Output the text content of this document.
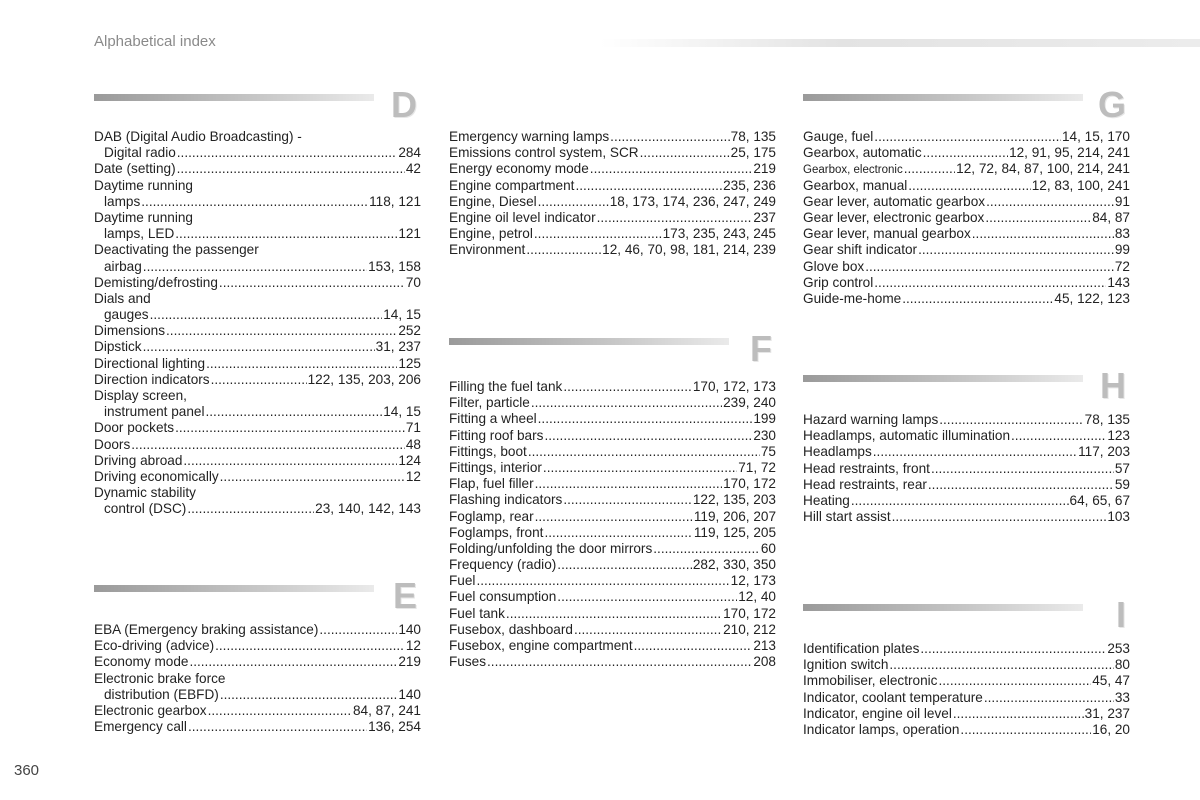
Alphabetical index
D
DAB (Digital Audio Broadcasting) -
Digital radio .....	284
Date (setting) .....	42
Daytime running
lamps .....	118, 121
Daytime running
lamps, LED .....	121
Deactivating the passenger
airbag .....	153, 158
Demisting/defrosting .....	70
Dials and
gauges .....	14, 15
Dimensions .....	252
Dipstick .....	31, 237
Directional lighting .....	125
Direction indicators .....	122, 135, 203, 206
Display screen,
instrument panel .....	14, 15
Door pockets .....	71
Doors .....	48
Driving abroad .....	124
Driving economically .....	12
Dynamic stability
control (DSC) .....	23, 140, 142, 143
E
EBA (Emergency braking assistance) .....	140
Eco-driving (advice) .....	12
Economy mode .....	219
Electronic brake force
distribution (EBFD) .....	140
Electronic gearbox .....	84, 87, 241
Emergency call .....	136, 254
Emergency warning lamps .....	78, 135
Emissions control system, SCR .....	25, 175
Energy economy mode .....	219
Engine compartment .....	235, 236
Engine, Diesel .....	18, 173, 174, 236, 247, 249
Engine oil level indicator .....	237
Engine, petrol .....	173, 235, 243, 245
Environment .....	12, 46, 70, 98, 181, 214, 239
F
Filling the fuel tank .....	170, 172, 173
Filter, particle .....	239, 240
Fitting a wheel .....	199
Fitting roof bars .....	230
Fittings, boot .....	75
Fittings, interior .....	71, 72
Flap, fuel filler .....	170, 172
Flashing indicators .....	122, 135, 203
Foglamp, rear .....	119, 206, 207
Foglamps, front .....	119, 125, 205
Folding/unfolding the door mirrors .....	60
Frequency (radio) .....	282, 330, 350
Fuel .....	12, 173
Fuel consumption .....	12, 40
Fuel tank .....	170, 172
Fusebox, dashboard .....	210, 212
Fusebox, engine compartment .....	213
Fuses .....	208
G
Gauge, fuel .....	14, 15, 170
Gearbox, automatic .....	12, 91, 95, 214, 241
Gearbox, electronic .....	12, 72, 84, 87, 100, 214, 241
Gearbox, manual .....	12, 83, 100, 241
Gear lever, automatic gearbox .....	91
Gear lever, electronic gearbox .....	84, 87
Gear lever, manual gearbox .....	83
Gear shift indicator .....	99
Glove box .....	72
Grip control .....	143
Guide-me-home .....	45, 122, 123
H
Hazard warning lamps .....	78, 135
Headlamps, automatic illumination .....	123
Headlamps .....	117, 203
Head restraints, front .....	57
Head restraints, rear .....	59
Heating .....	64, 65, 67
Hill start assist .....	103
I
Identification plates .....	253
Ignition switch .....	80
Immobiliser, electronic .....	45, 47
Indicator, coolant temperature .....	33
Indicator, engine oil level .....	31, 237
Indicator lamps, operation .....	16, 20
360
